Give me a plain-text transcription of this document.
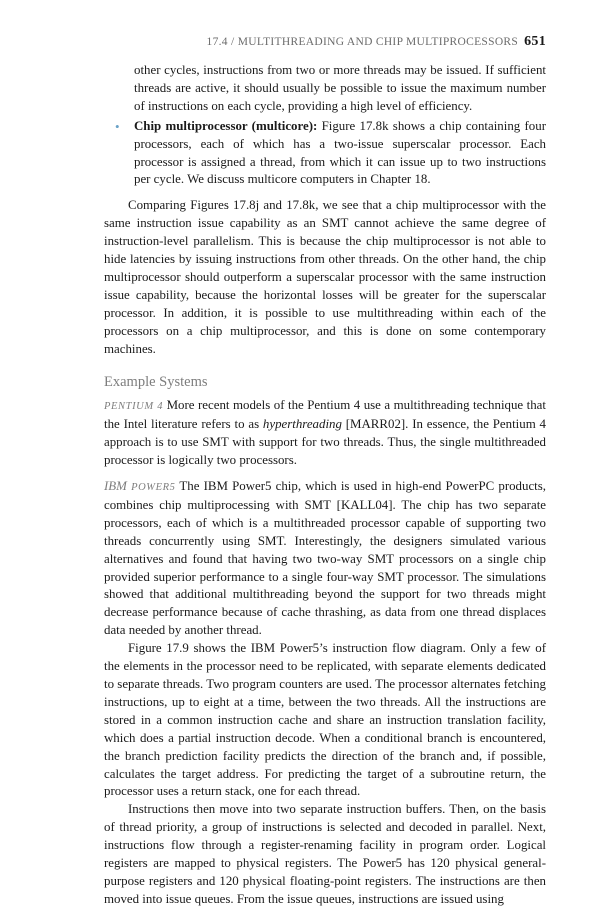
17.4 / MULTITHREADING AND CHIP MULTIPROCESSORS 651

other cycles, instructions from two or more threads may be issued. If sufficient threads are active, it should usually be possible to issue the maximum number of instructions on each cycle, providing a high level of efficiency.

• Chip multiprocessor (multicore): Figure 17.8k shows a chip containing four processors, each of which has a two-issue superscalar processor. Each processor is assigned a thread, from which it can issue up to two instructions per cycle. We discuss multicore computers in Chapter 18.

Comparing Figures 17.8j and 17.8k, we see that a chip multiprocessor with the same instruction issue capability as an SMT cannot achieve the same degree of instruction-level parallelism. This is because the chip multiprocessor is not able to hide latencies by issuing instructions from other threads. On the other hand, the chip multiprocessor should outperform a superscalar processor with the same instruction issue capability, because the horizontal losses will be greater for the superscalar processor. In addition, it is possible to use multithreading within each of the processors on a chip multiprocessor, and this is done on some contemporary machines.

Example Systems

PENTIUM 4 More recent models of the Pentium 4 use a multithreading technique that the Intel literature refers to as hyperthreading [MARR02]. In essence, the Pentium 4 approach is to use SMT with support for two threads. Thus, the single multithreaded processor is logically two processors.

IBM POWER5 The IBM Power5 chip, which is used in high-end PowerPC products, combines chip multiprocessing with SMT [KALL04]. The chip has two separate processors, each of which is a multithreaded processor capable of supporting two threads concurrently using SMT. Interestingly, the designers simulated various alternatives and found that having two two-way SMT processors on a single chip provided superior performance to a single four-way SMT processor. The simulations showed that additional multithreading beyond the support for two threads might decrease performance because of cache thrashing, as data from one thread displaces data needed by another thread.

Figure 17.9 shows the IBM Power5’s instruction flow diagram. Only a few of the elements in the processor need to be replicated, with separate elements dedicated to separate threads. Two program counters are used. The processor alternates fetching instructions, up to eight at a time, between the two threads. All the instructions are stored in a common instruction cache and share an instruction translation facility, which does a partial instruction decode. When a conditional branch is encountered, the branch prediction facility predicts the direction of the branch and, if possible, calculates the target address. For predicting the target of a subroutine return, the processor uses a return stack, one for each thread.

Instructions then move into two separate instruction buffers. Then, on the basis of thread priority, a group of instructions is selected and decoded in parallel. Next, instructions flow through a register-renaming facility in program order. Logical registers are mapped to physical registers. The Power5 has 120 physical general-purpose registers and 120 physical floating-point registers. The instructions are then moved into issue queues. From the issue queues, instructions are issued using
